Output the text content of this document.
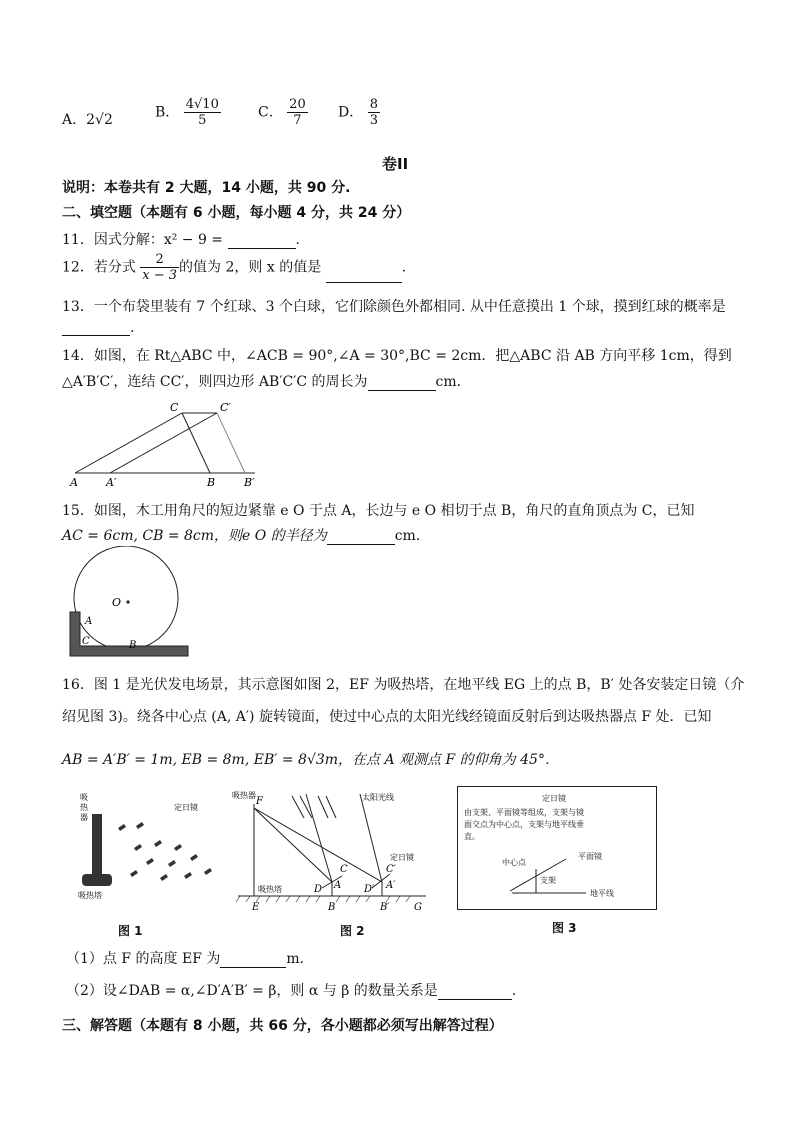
A．2√2	B． $\frac{4√10}{5}$	C． $\frac{20}{7}$ D． $\frac{8}{3}$
卷II
说明：本卷共有 2 大题，14 小题，共 90 分.
二、填空题（本题有 6 小题，每小题 4 分，共 24 分）
11．因式分解：x² − 9 =	.
12．若分式 $\frac{2}{x - 3}$ 的值为 2，则 x 的值是	.
13．一个布袋里装有 7 个红球、3 个白球，它们除颜色外都相同. 从中任意摸出 1 个球，摸到红球的概率是
.
14．如图，在 Rt△ABC 中，∠ACB = 90°,∠A = 30°,BC = 2cm．把△ABC 沿 AB 方向平移 1cm，得到
△A′B′C′，连结 CC′，则四边形 AB′C′C 的周长为	cm．
C	C′
A	A′	B	B′
15．如图，木工用角尺的短边紧靠 e O 于点 A，长边与 e O 相切于点 B，角尺的直角顶点为 C，已知
AC = 6cm, CB = 8cm，则e O 的半径为	cm．
O
A
C	B
16．图 1 是光伏发电场景，其示意图如图 2，EF 为吸热塔，在地平线 EG 上的点 B，B′ 处各安装定日镜（介
绍见图 3)。绕各中心点 (A, A′) 旋转镜面，使过中心点的太阳光线经镜面反射后到达吸热器点 F 处．已知
AB = A′B′ = 1m, EB = 8m, EB′ = 8√3m，在点 A 观测点 F 的仰角为 45°．
吸
热
器
定日镜
吸热塔
图 1
F
吸热器
吸热塔
太阳光线
定日镜
E	B	B′ G
A	A′
C	C′
D	D′
图 2
定日镜
由支架、平面镜等组成，支架与镜
面交点为中心点，支架与地平线垂
直。
中心点
平面镜
支架
地平线
图 3
（1）点 F 的高度 EF 为	m．
（2）设∠DAB = α,∠D′A′B′ = β，则 α 与 β 的数量关系是	.
三、解答题（本题有 8 小题，共 66 分，各小题都必须写出解答过程）
